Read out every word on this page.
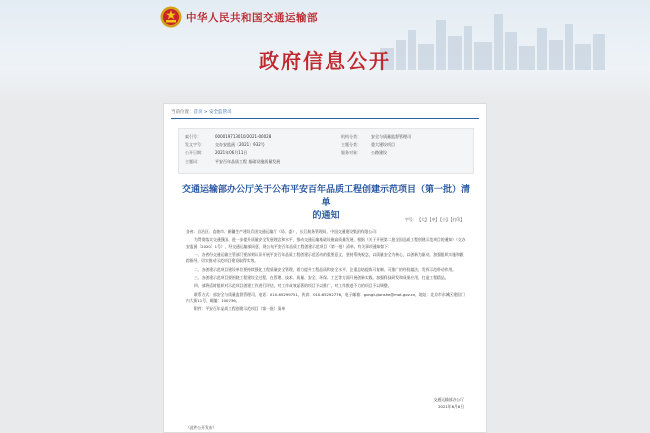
中华人民共和国交通运输部
政府信息公开
当前位置：首页 > 安全监管司
索引号：	000019713010/2021-00028	机构分类：	安全与质量监督管理司
发文字号：	交办安监函〔2021〕932号	主题分类：	重大建设项目
公开日期：	2021年06月11日	服务对象：	公路建设
主题词：	平安百年品质工程 基础设施质量发展
交通运输部办公厅关于公布平安百年品质工程创建示范项目（第一批）清单
的通知	字号：【大】【中】【小】【打印】

各省、自治区、直辖市、新疆生产建设兵团交通运输厅（局、委），长江航务管理局，中国交通建设集团有限公司：

为贯彻落实交通强国、进一步提升质量安全发展理念和水平，推动交通运输基础设施高质量发展，根据《关于开展第二批全国品质工程创建示范项目的通知》（交办安监函〔2020〕1号），经交通运输部同意，现公布平安百年品质工程创建示范项目（第一批）清单。有关事项通知如下：

一、各省份交通运输主管部门要深刻认识开展平安百年品质工程创建示范活动的重要意义，坚持系统观念，以质量安全为核心，以创新为驱动，加强组织实施和跟踪指导，切实推动示范项目建设取得实效。

二、各创建示范项目建设单位要持续强化工程质量安全管理，着力提升工程品质和安全水平，注重总结提炼可复制、可推广的经验做法，发挥示范带动作用。

三、各创建示范项目要围绕工程建设全过程，在管理、技术、质量、安全、环保、工艺等方面开展创新实践，加强科技研发和成果应用，打造工程精品。

四、部将适时组织对示范项目创建工作进行评估，对工作成效显著的项目予以推广，对工作推进不力的项目予以调整。

联系方式：部安全与质量监督管理司，电话：010-65299751，传真：010-65292776，电子邮箱：gonglujianshe@mot.gov.cn，地址：北京市东城区建国门内大街11号，邮编：100736。

附件：平安百年品质工程创建示范项目（第一批）清单

交通运输部办公厅
2021年6月8日
（此件公开发布）
